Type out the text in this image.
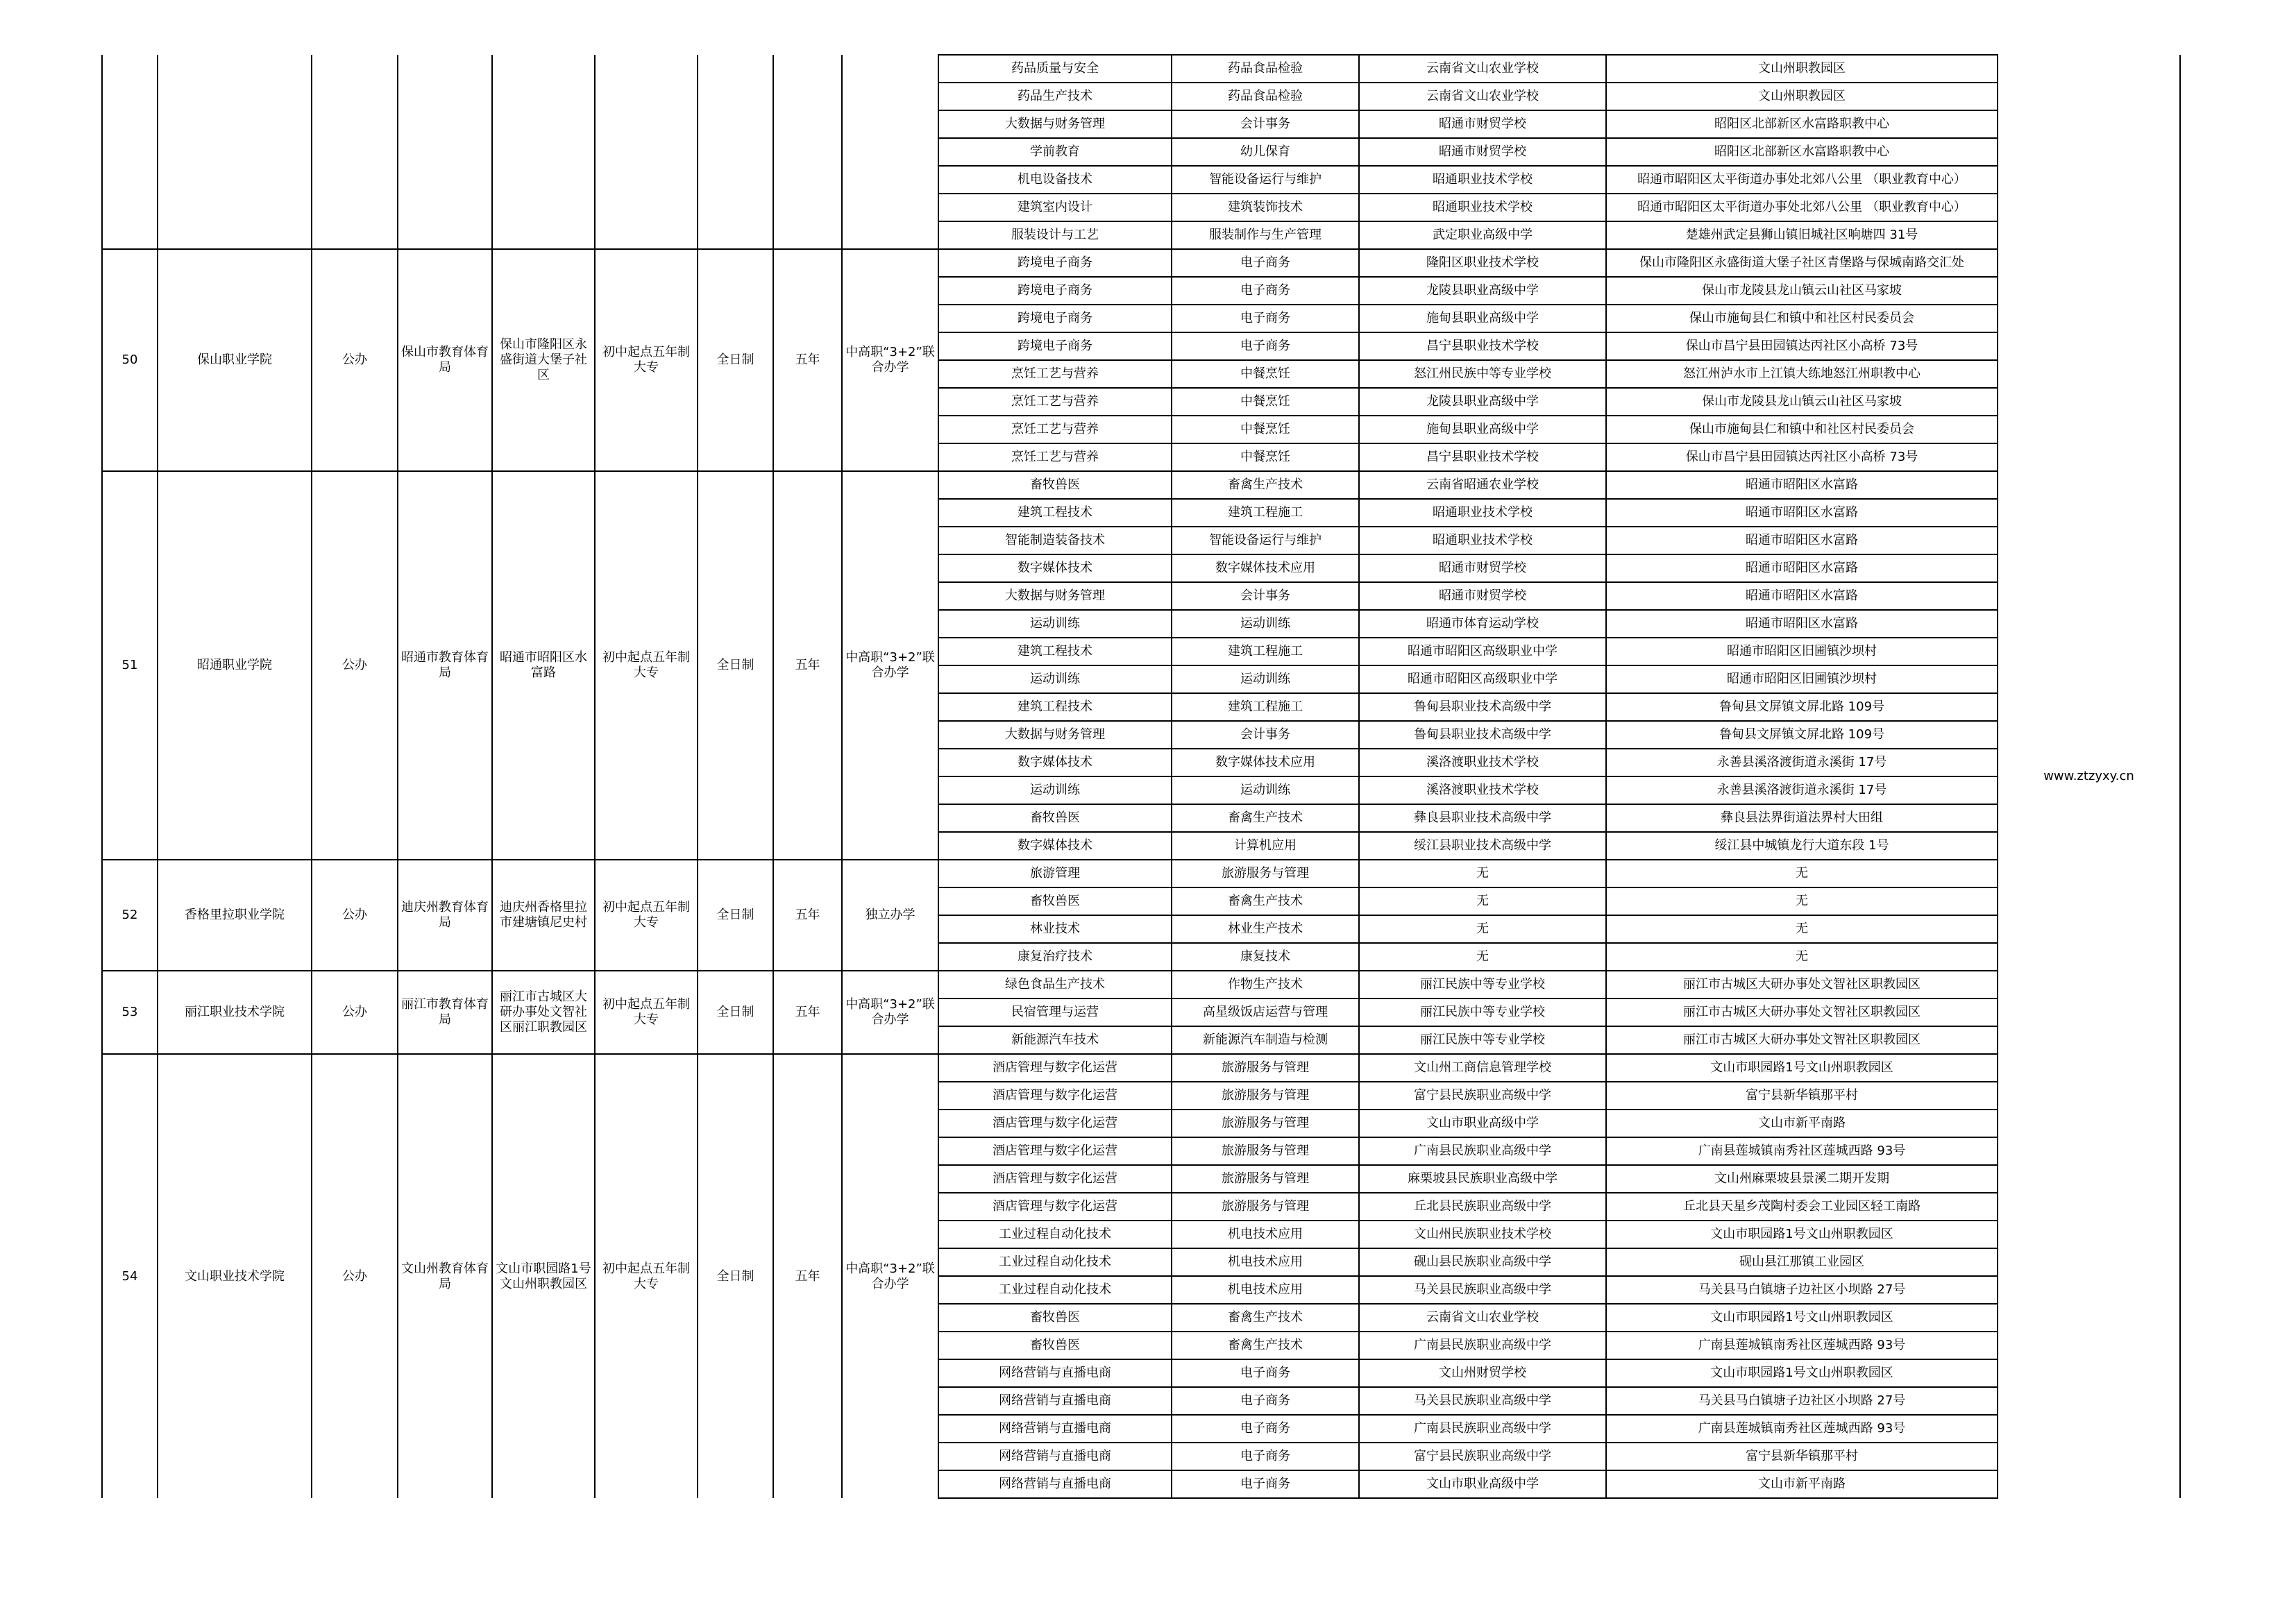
									药品质量与安全	药品食品检验	云南省文山农业学校	文山州职教园区	www.ztzyxy.cn
									药品生产技术	药品食品检验	云南省文山农业学校	文山州职教园区	
									大数据与财务管理	会计事务	昭通市财贸学校	昭阳区北部新区水富路职教中心	
									学前教育	幼儿保育	昭通市财贸学校	昭阳区北部新区水富路职教中心	
									机电设备技术	智能设备运行与维护	昭通职业技术学校	昭通市昭阳区太平街道办事处北郊八公里 （职业教育中心）	
									建筑室内设计	建筑装饰技术	昭通职业技术学校	昭通市昭阳区太平街道办事处北郊八公里 （职业教育中心）	
									服装设计与工艺	服装制作与生产管理	武定职业高级中学	楚雄州武定县狮山镇旧城社区响塘四 31号	
50	保山职业学院	公办	保山市教育体育局	保山市隆阳区永盛街道大堡子社区	初中起点五年制大专	全日制	五年	中高职“3+2”联合办学	跨境电子商务	电子商务	隆阳区职业技术学校	保山市隆阳区永盛街道大堡子社区青堡路与保城南路交汇处	
									跨境电子商务	电子商务	龙陵县职业高级中学	保山市龙陵县龙山镇云山社区马家坡	
									跨境电子商务	电子商务	施甸县职业高级中学	保山市施甸县仁和镇中和社区村民委员会	
									跨境电子商务	电子商务	昌宁县职业技术学校	保山市昌宁县田园镇达丙社区小高桥 73号	
									烹饪工艺与营养	中餐烹饪	怒江州民族中等专业学校	怒江州泸水市上江镇大练地怒江州职教中心	
									烹饪工艺与营养	中餐烹饪	龙陵县职业高级中学	保山市龙陵县龙山镇云山社区马家坡	
									烹饪工艺与营养	中餐烹饪	施甸县职业高级中学	保山市施甸县仁和镇中和社区村民委员会	
									烹饪工艺与营养	中餐烹饪	昌宁县职业技术学校	保山市昌宁县田园镇达丙社区小高桥 73号	
51	昭通职业学院	公办	昭通市教育体育局	昭通市昭阳区水富路	初中起点五年制大专	全日制	五年	中高职“3+2”联合办学	畜牧兽医	畜禽生产技术	云南省昭通农业学校	昭通市昭阳区水富路	
									建筑工程技术	建筑工程施工	昭通职业技术学校	昭通市昭阳区水富路	
									智能制造装备技术	智能设备运行与维护	昭通职业技术学校	昭通市昭阳区水富路	
									数字媒体技术	数字媒体技术应用	昭通市财贸学校	昭通市昭阳区水富路	
									大数据与财务管理	会计事务	昭通市财贸学校	昭通市昭阳区水富路	
									运动训练	运动训练	昭通市体育运动学校	昭通市昭阳区水富路	
									建筑工程技术	建筑工程施工	昭通市昭阳区高级职业中学	昭通市昭阳区旧圃镇沙坝村	
									运动训练	运动训练	昭通市昭阳区高级职业中学	昭通市昭阳区旧圃镇沙坝村	
									建筑工程技术	建筑工程施工	鲁甸县职业技术高级中学	鲁甸县文屏镇文屏北路 109号	
									大数据与财务管理	会计事务	鲁甸县职业技术高级中学	鲁甸县文屏镇文屏北路 109号	
									数字媒体技术	数字媒体技术应用	溪洛渡职业技术学校	永善县溪洛渡街道永溪街 17号	
									运动训练	运动训练	溪洛渡职业技术学校	永善县溪洛渡街道永溪街 17号	
									畜牧兽医	畜禽生产技术	彝良县职业技术高级中学	彝良县法界街道法界村大田组	
									数字媒体技术	计算机应用	绥江县职业技术高级中学	绥江县中城镇龙行大道东段 1号	
52	香格里拉职业学院	公办	迪庆州教育体育局	迪庆州香格里拉市建塘镇尼史村	初中起点五年制大专	全日制	五年	独立办学	旅游管理	旅游服务与管理	无	无	
									畜牧兽医	畜禽生产技术	无	无	
									林业技术	林业生产技术	无	无	
									康复治疗技术	康复技术	无	无	
53	丽江职业技术学院	公办	丽江市教育体育局	丽江市古城区大研办事处文智社区丽江职教园区	初中起点五年制大专	全日制	五年	中高职“3+2”联合办学	绿色食品生产技术	作物生产技术	丽江民族中等专业学校	丽江市古城区大研办事处文智社区职教园区	
									民宿管理与运营	高星级饭店运营与管理	丽江民族中等专业学校	丽江市古城区大研办事处文智社区职教园区	
									新能源汽车技术	新能源汽车制造与检测	丽江民族中等专业学校	丽江市古城区大研办事处文智社区职教园区	
54	文山职业技术学院	公办	文山州教育体育局	文山市职园路1号文山州职教园区	初中起点五年制大专	全日制	五年	中高职“3+2”联合办学	酒店管理与数字化运营	旅游服务与管理	文山州工商信息管理学校	文山市职园路1号文山州职教园区	
									酒店管理与数字化运营	旅游服务与管理	富宁县民族职业高级中学	富宁县新华镇那平村	
									酒店管理与数字化运营	旅游服务与管理	文山市职业高级中学	文山市新平南路	
									酒店管理与数字化运营	旅游服务与管理	广南县民族职业高级中学	广南县莲城镇南秀社区莲城西路 93号	
									酒店管理与数字化运营	旅游服务与管理	麻栗坡县民族职业高级中学	文山州麻栗坡县景溪二期开发期	
									酒店管理与数字化运营	旅游服务与管理	丘北县民族职业高级中学	丘北县天星乡茂陶村委会工业园区轻工南路	
									工业过程自动化技术	机电技术应用	文山州民族职业技术学校	文山市职园路1号文山州职教园区	
									工业过程自动化技术	机电技术应用	砚山县民族职业高级中学	砚山县江那镇工业园区	
									工业过程自动化技术	机电技术应用	马关县民族职业高级中学	马关县马白镇塘子边社区小坝路 27号	
									畜牧兽医	畜禽生产技术	云南省文山农业学校	文山市职园路1号文山州职教园区	
									畜牧兽医	畜禽生产技术	广南县民族职业高级中学	广南县莲城镇南秀社区莲城西路 93号	
									网络营销与直播电商	电子商务	文山州财贸学校	文山市职园路1号文山州职教园区	
									网络营销与直播电商	电子商务	马关县民族职业高级中学	马关县马白镇塘子边社区小坝路 27号	
									网络营销与直播电商	电子商务	广南县民族职业高级中学	广南县莲城镇南秀社区莲城西路 93号	
									网络营销与直播电商	电子商务	富宁县民族职业高级中学	富宁县新华镇那平村	
									网络营销与直播电商	电子商务	文山市职业高级中学	文山市新平南路	
